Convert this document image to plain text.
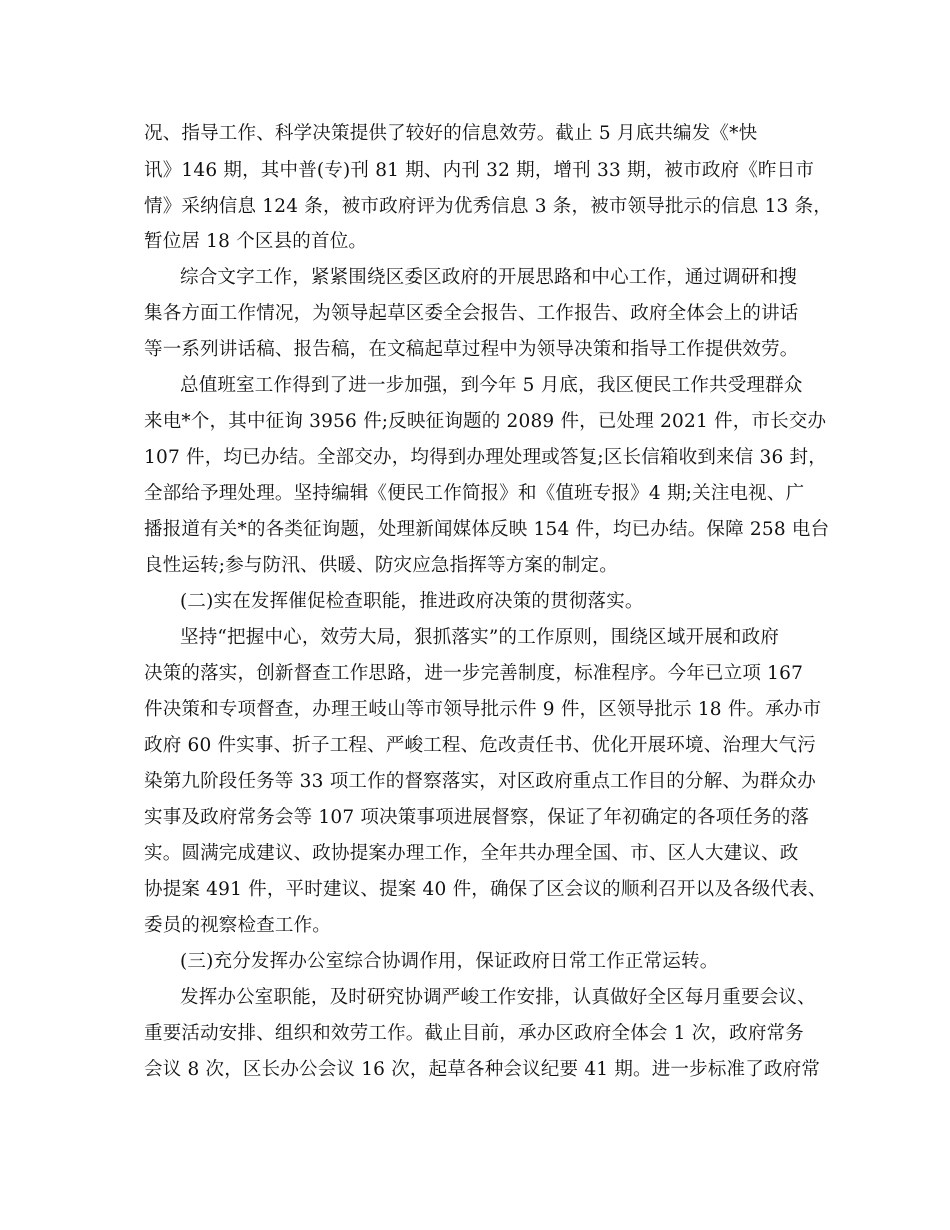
况、指导工作、科学决策提供了较好的信息效劳。截止 5 月底共编发《*快
讯》146 期，其中普(专)刊 81 期、内刊 32 期，增刊 33 期，被市政府《昨日市
情》采纳信息 124 条，被市政府评为优秀信息 3 条，被市领导批示的信息 13 条，
暂位居 18 个区县的首位。
综合文字工作，紧紧围绕区委区政府的开展思路和中心工作，通过调研和搜
集各方面工作情况，为领导起草区委全会报告、工作报告、政府全体会上的讲话
等一系列讲话稿、报告稿，在文稿起草过程中为领导决策和指导工作提供效劳。
总值班室工作得到了进一步加强，到今年 5 月底，我区便民工作共受理群众
来电*个，其中征询 3956 件;反映征询题的 2089 件，已处理 2021 件，市长交办
107 件，均已办结。全部交办，均得到办理处理或答复;区长信箱收到来信 36 封，
全部给予理处理。坚持编辑《便民工作简报》和《值班专报》4 期;关注电视、广
播报道有关*的各类征询题，处理新闻媒体反映 154 件，均已办结。保障 258 电台
良性运转;参与防汛、供暖、防灾应急指挥等方案的制定。
(二)实在发挥催促检查职能，推进政府决策的贯彻落实。
坚持“把握中心，效劳大局，狠抓落实”的工作原则，围绕区域开展和政府
决策的落实，创新督查工作思路，进一步完善制度，标准程序。今年已立项 167
件决策和专项督查，办理王岐山等市领导批示件 9 件，区领导批示 18 件。承办市
政府 60 件实事、折子工程、严峻工程、危改责任书、优化开展环境、治理大气污
染第九阶段任务等 33 项工作的督察落实，对区政府重点工作目的分解、为群众办
实事及政府常务会等 107 项决策事项进展督察，保证了年初确定的各项任务的落
实。圆满完成建议、政协提案办理工作，全年共办理全国、市、区人大建议、政
协提案 491 件，平时建议、提案 40 件，确保了区会议的顺利召开以及各级代表、
委员的视察检查工作。
(三)充分发挥办公室综合协调作用，保证政府日常工作正常运转。
发挥办公室职能，及时研究协调严峻工作安排，认真做好全区每月重要会议、
重要活动安排、组织和效劳工作。截止目前，承办区政府全体会 1 次，政府常务
会议 8 次，区长办公会议 16 次，起草各种会议纪要 41 期。进一步标准了政府常
